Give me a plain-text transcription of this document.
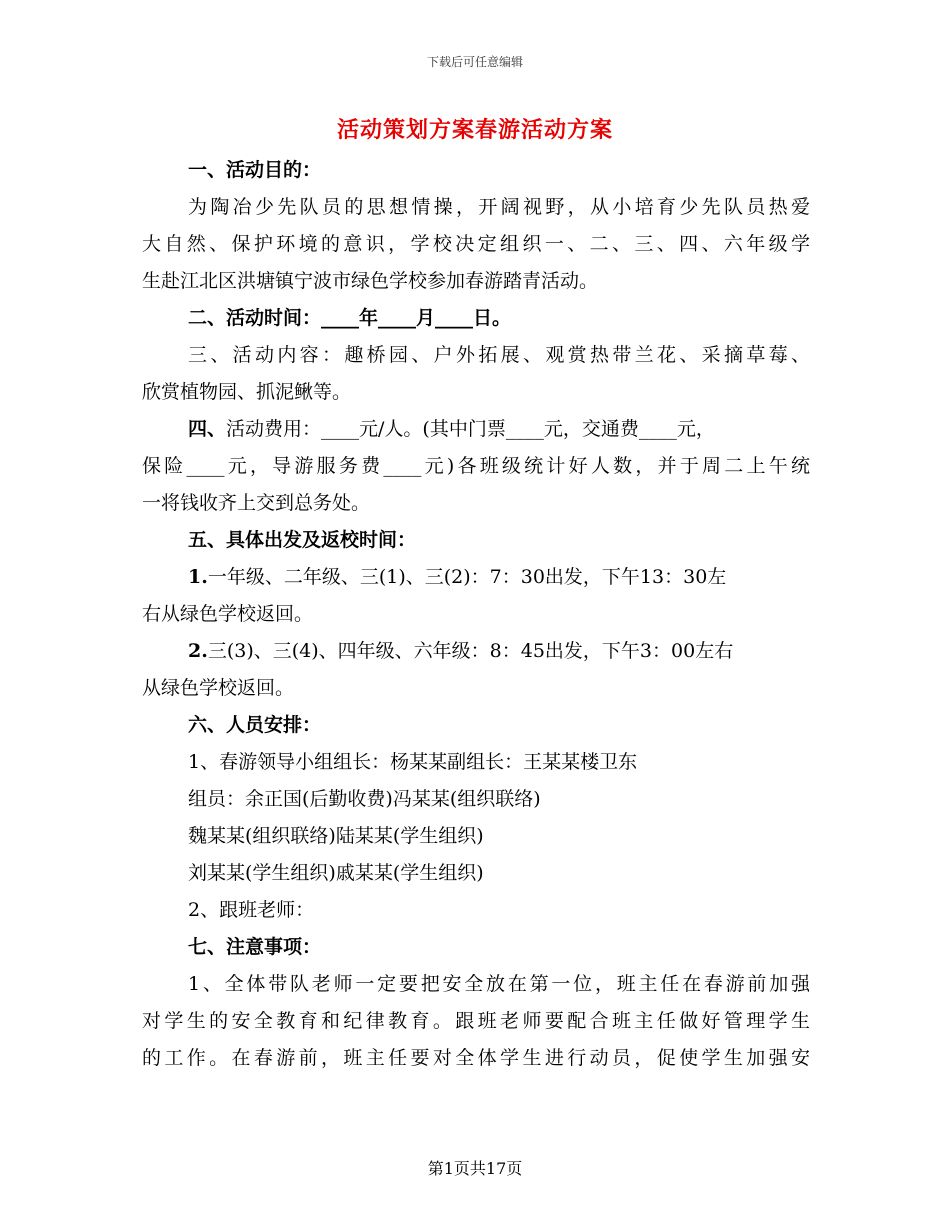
下载后可任意编辑
活动策划方案春游活动方案
一、活动目的：
为陶冶少先队员的思想情操，开阔视野，从小培育少先队员热爱
大自然、保护环境的意识，学校决定组织一、二、三、四、六年级学
生赴江北区洪塘镇宁波市绿色学校参加春游踏青活动。
二、活动时间：____年____月____日。
三、活动内容：趣桥园、户外拓展、观赏热带兰花、采摘草莓、
欣赏植物园、抓泥鳅等。
四、活动费用：____元/人。(其中门票____元，交通费____元，
保险____元，导游服务费____元)各班级统计好人数，并于周二上午统
一将钱收齐上交到总务处。
五、具体出发及返校时间：
1.一年级、二年级、三(1)、三(2)：7：30出发，下午13：30左
右从绿色学校返回。
2.三(3)、三(4)、四年级、六年级：8：45出发，下午3：00左右
从绿色学校返回。
六、人员安排：
1、春游领导小组组长：杨某某副组长：王某某楼卫东
组员：余正国(后勤收费)冯某某(组织联络)
魏某某(组织联络)陆某某(学生组织)
刘某某(学生组织)戚某某(学生组织)
2、跟班老师：
七、注意事项：
1、全体带队老师一定要把安全放在第一位，班主任在春游前加强
对学生的安全教育和纪律教育。跟班老师要配合班主任做好管理学生
的工作。在春游前，班主任要对全体学生进行动员，促使学生加强安
第1页共17页
